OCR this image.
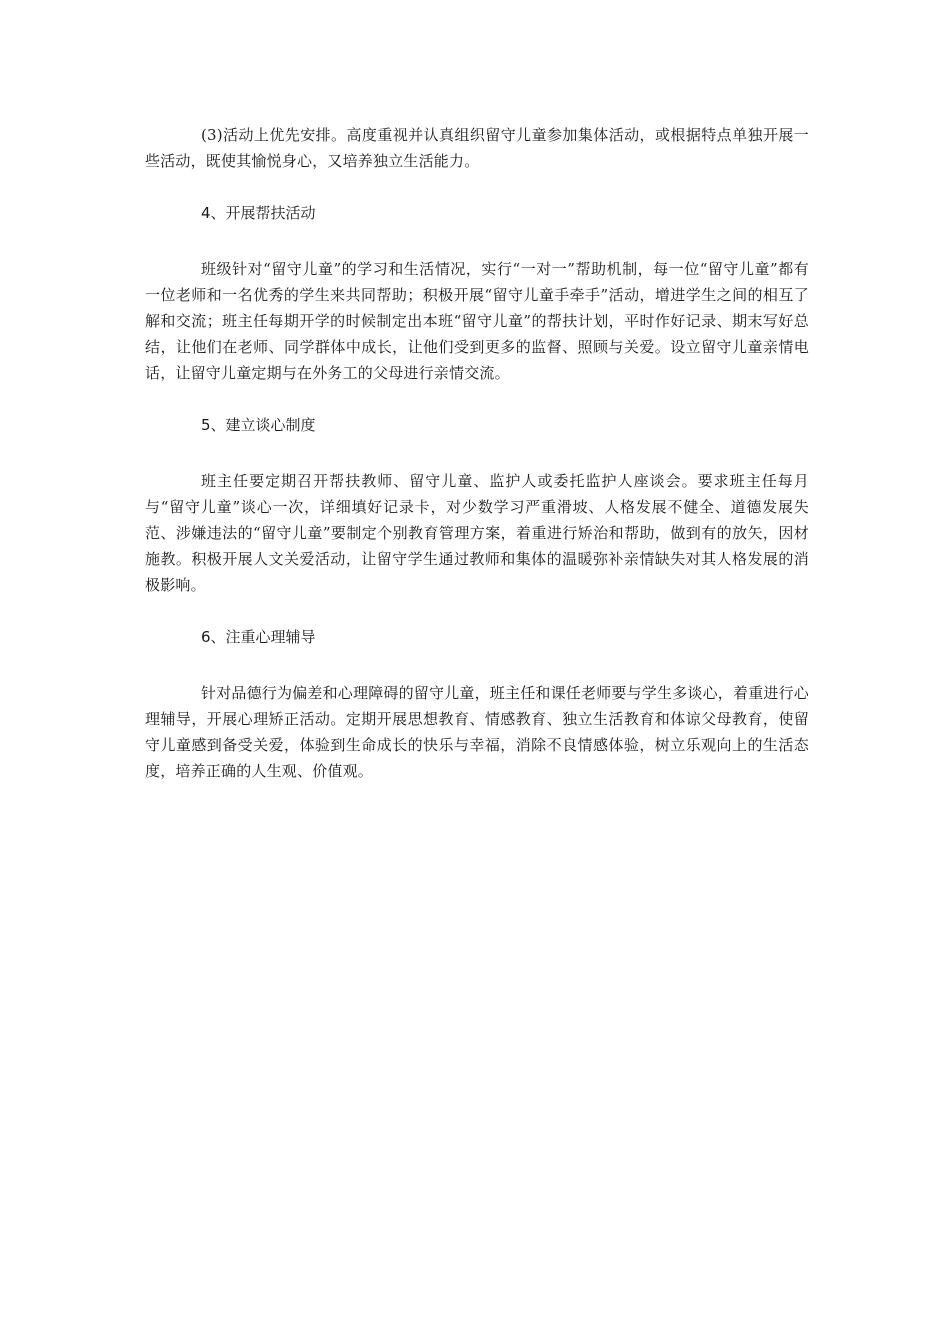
(3)活动上优先安排。高度重视并认真组织留守儿童参加集体活动，或根据特点单独开展一些活动，既使其愉悦身心，又培养独立生活能力。

4、开展帮扶活动

班级针对“留守儿童”的学习和生活情况，实行“一对一”帮助机制，每一位“留守儿童”都有一位老师和一名优秀的学生来共同帮助；积极开展“留守儿童手牵手”活动，增进学生之间的相互了解和交流；班主任每期开学的时候制定出本班“留守儿童”的帮扶计划，平时作好记录、期末写好总结，让他们在老师、同学群体中成长，让他们受到更多的监督、照顾与关爱。设立留守儿童亲情电话，让留守儿童定期与在外务工的父母进行亲情交流。

5、建立谈心制度

班主任要定期召开帮扶教师、留守儿童、监护人或委托监护人座谈会。要求班主任每月与“留守儿童”谈心一次，详细填好记录卡，对少数学习严重滑坡、人格发展不健全、道德发展失范、涉嫌违法的“留守儿童”要制定个别教育管理方案，着重进行矫治和帮助，做到有的放矢，因材施教。积极开展人文关爱活动，让留守学生通过教师和集体的温暖弥补亲情缺失对其人格发展的消极影响。

6、注重心理辅导

针对品德行为偏差和心理障碍的留守儿童，班主任和课任老师要与学生多谈心，着重进行心理辅导，开展心理矫正活动。定期开展思想教育、情感教育、独立生活教育和体谅父母教育，使留守儿童感到备受关爱，体验到生命成长的快乐与幸福，消除不良情感体验，树立乐观向上的生活态度，培养正确的人生观、价值观。
